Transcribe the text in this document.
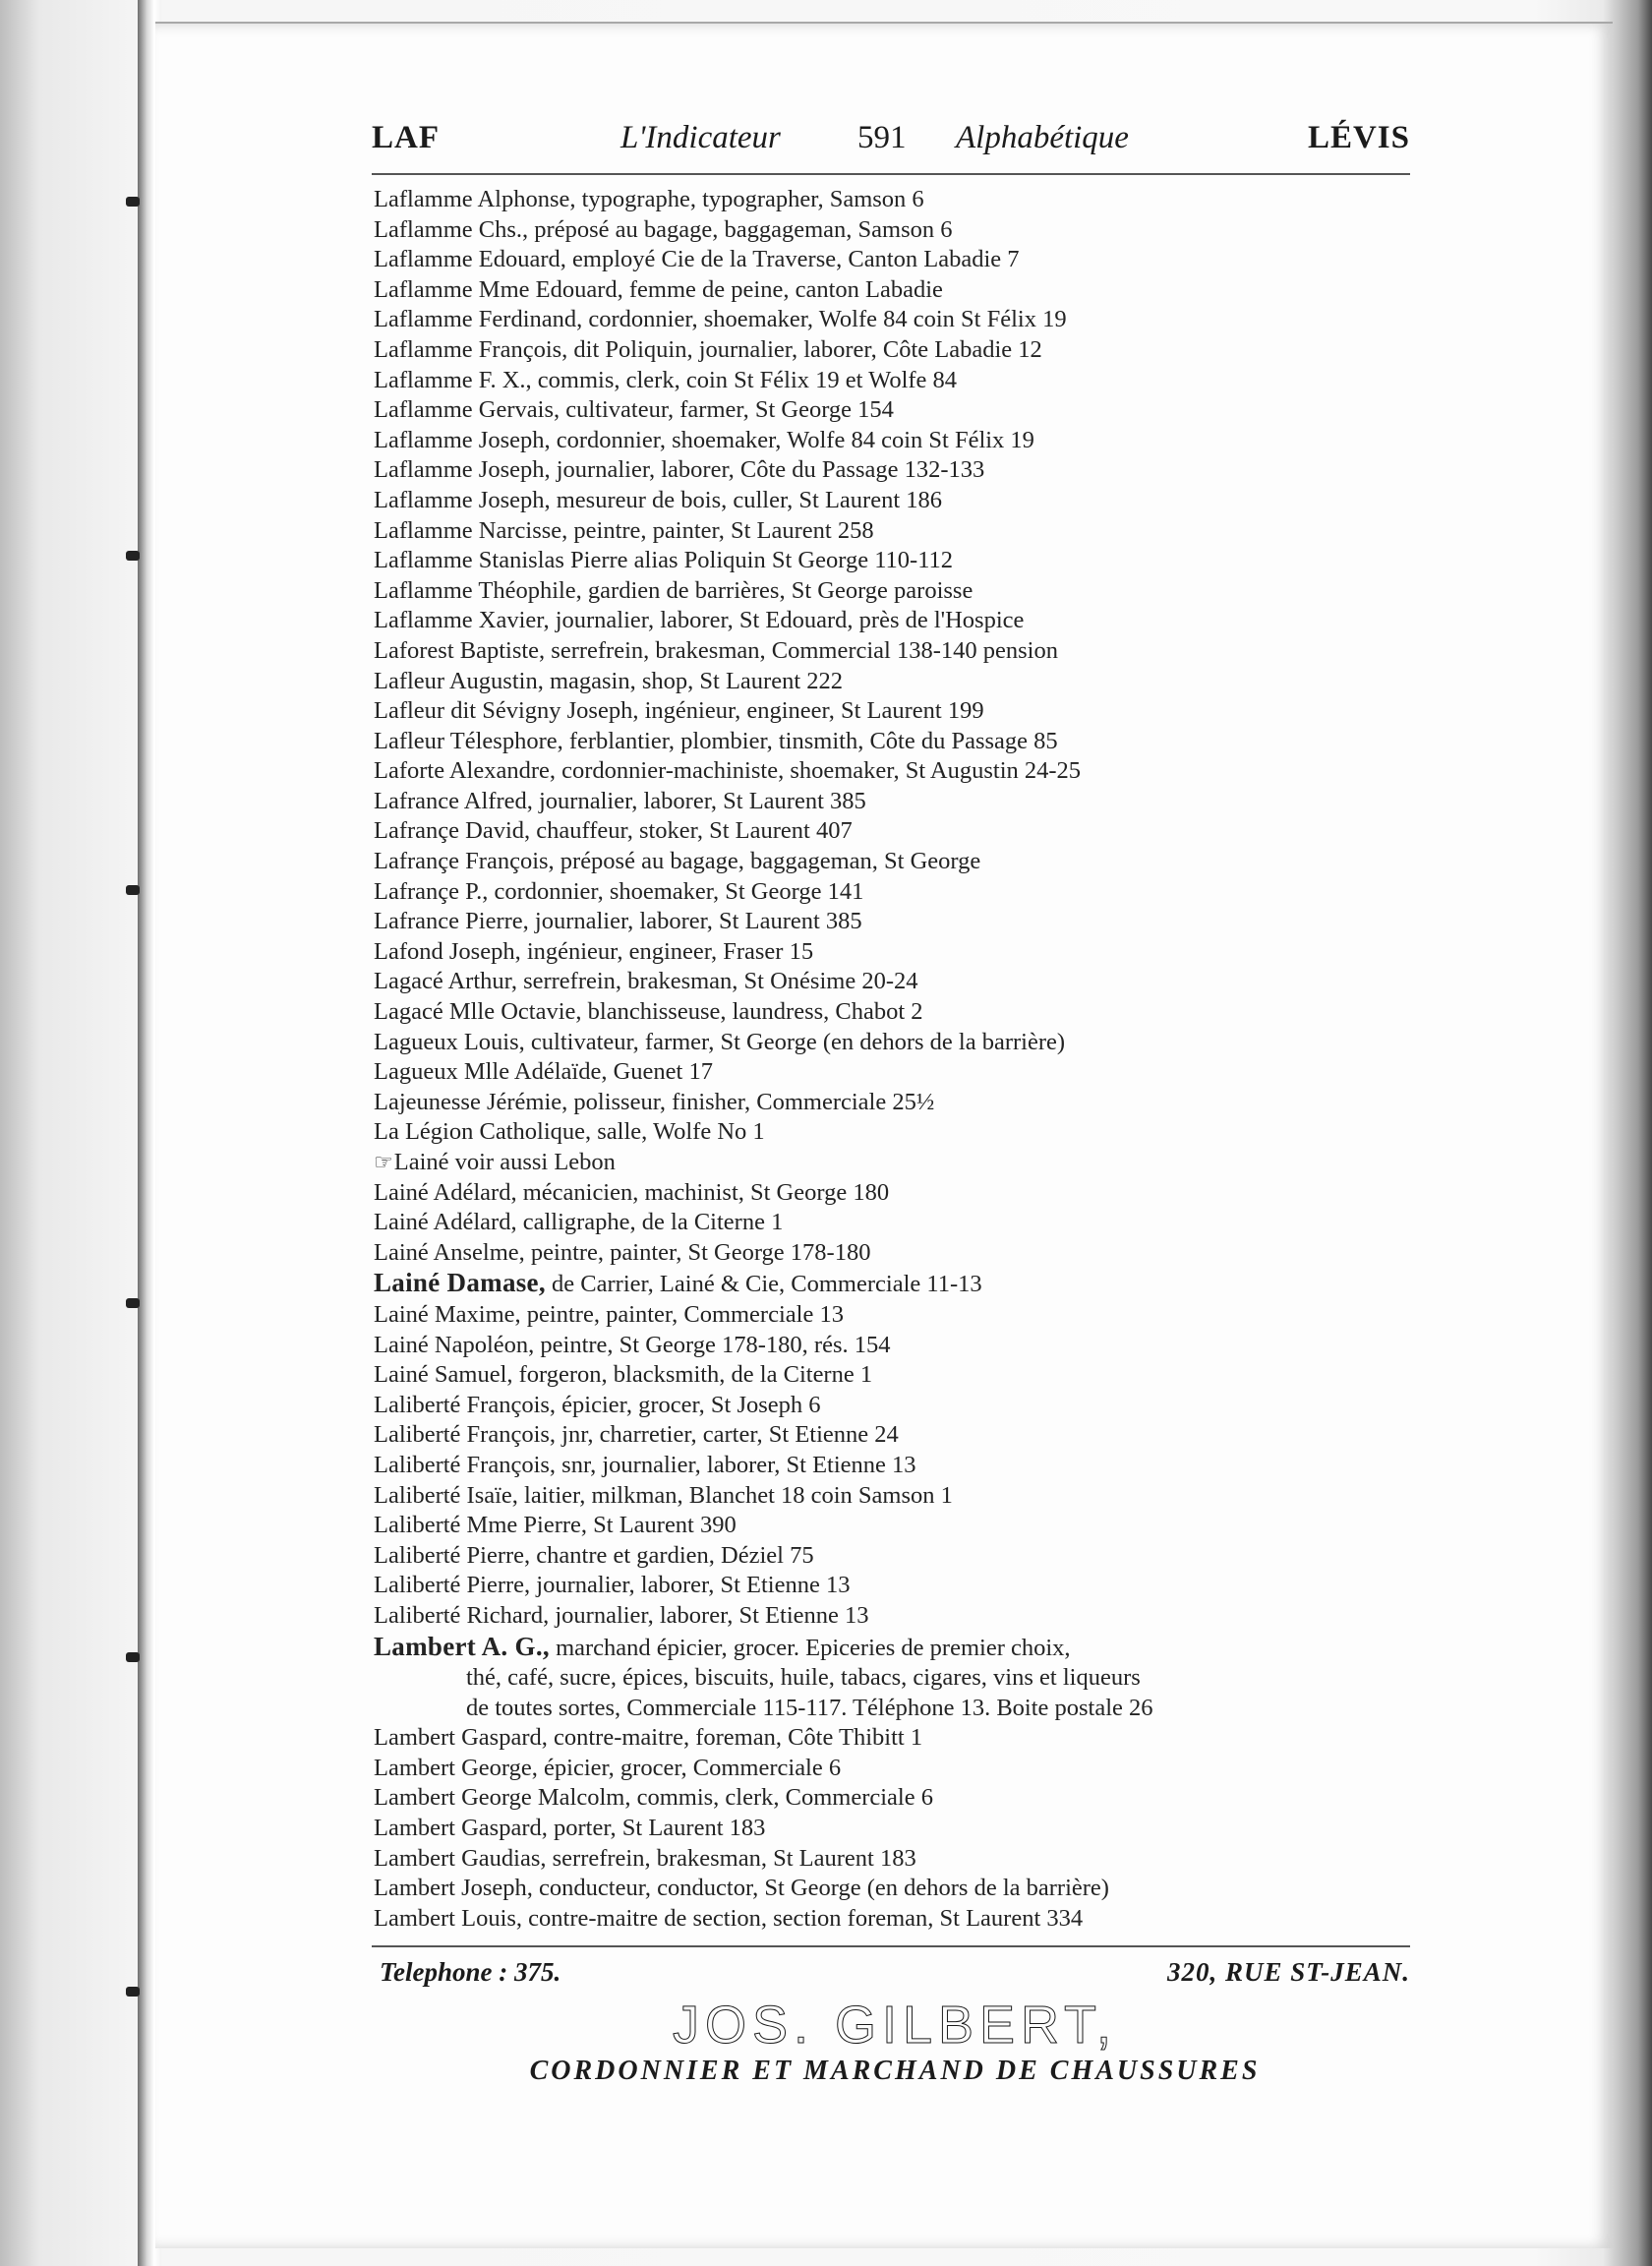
LAF	L'Indicateur 591 Alphabétique	LÉVIS
Laflamme Alphonse, typographe, typographer, Samson 6
Laflamme Chs., préposé au bagage, baggageman, Samson 6
Laflamme Edouard, employé Cie de la Traverse, Canton Labadie 7
Laflamme Mme Edouard, femme de peine, canton Labadie
Laflamme Ferdinand, cordonnier, shoemaker, Wolfe 84 coin St Félix 19
Laflamme François, dit Poliquin, journalier, laborer, Côte Labadie 12
Laflamme F. X., commis, clerk, coin St Félix 19 et Wolfe 84
Laflamme Gervais, cultivateur, farmer, St George 154
Laflamme Joseph, cordonnier, shoemaker, Wolfe 84 coin St Félix 19
Laflamme Joseph, journalier, laborer, Côte du Passage 132-133
Laflamme Joseph, mesureur de bois, culler, St Laurent 186
Laflamme Narcisse, peintre, painter, St Laurent 258
Laflamme Stanislas Pierre alias Poliquin St George 110-112
Laflamme Théophile, gardien de barrières, St George paroisse
Laflamme Xavier, journalier, laborer, St Edouard, près de l'Hospice
Laforest Baptiste, serrefrein, brakesman, Commercial 138-140 pension
Lafleur Augustin, magasin, shop, St Laurent 222
Lafleur dit Sévigny Joseph, ingénieur, engineer, St Laurent 199
Lafleur Télesphore, ferblantier, plombier, tinsmith, Côte du Passage 85
Laforte Alexandre, cordonnier-machiniste, shoemaker, St Augustin 24-25
Lafrance Alfred, journalier, laborer, St Laurent 385
Lafrançe David, chauffeur, stoker, St Laurent 407
Lafrançe François, préposé au bagage, baggageman, St George
Lafrançe P., cordonnier, shoemaker, St George 141
Lafrance Pierre, journalier, laborer, St Laurent 385
Lafond Joseph, ingénieur, engineer, Fraser 15
Lagacé Arthur, serrefrein, brakesman, St Onésime 20-24
Lagacé Mlle Octavie, blanchisseuse, laundress, Chabot 2
Lagueux Louis, cultivateur, farmer, St George (en dehors de la barrière)
Lagueux Mlle Adélaïde, Guenet 17
Lajeunesse Jérémie, polisseur, finisher, Commerciale 25½
La Légion Catholique, salle, Wolfe No 1
☞Lainé voir aussi Lebon
Lainé Adélard, mécanicien, machinist, St George 180
Lainé Adélard, calligraphe, de la Citerne 1
Lainé Anselme, peintre, painter, St George 178-180
Lainé Damase, de Carrier, Lainé & Cie, Commerciale 11-13
Lainé Maxime, peintre, painter, Commerciale 13
Lainé Napoléon, peintre, St George 178-180, rés. 154
Lainé Samuel, forgeron, blacksmith, de la Citerne 1
Laliberté François, épicier, grocer, St Joseph 6
Laliberté François, jnr, charretier, carter, St Etienne 24
Laliberté François, snr, journalier, laborer, St Etienne 13
Laliberté Isaïe, laitier, milkman, Blanchet 18 coin Samson 1
Laliberté Mme Pierre, St Laurent 390
Laliberté Pierre, chantre et gardien, Déziel 75
Laliberté Pierre, journalier, laborer, St Etienne 13
Laliberté Richard, journalier, laborer, St Etienne 13
Lambert A. G., marchand épicier, grocer. Epiceries de premier choix,
thé, café, sucre, épices, biscuits, huile, tabacs, cigares, vins et liqueurs
de toutes sortes, Commerciale 115-117. Téléphone 13. Boite postale 26
Lambert Gaspard, contre-maitre, foreman, Côte Thibitt 1
Lambert George, épicier, grocer, Commerciale 6
Lambert George Malcolm, commis, clerk, Commerciale 6
Lambert Gaspard, porter, St Laurent 183
Lambert Gaudias, serrefrein, brakesman, St Laurent 183
Lambert Joseph, conducteur, conductor, St George (en dehors de la barrière)
Lambert Louis, contre-maitre de section, section foreman, St Laurent 334
Telephone : 375.	320, RUE ST-JEAN.
JOS. GILBERT,
CORDONNIER ET MARCHAND DE CHAUSSURES
